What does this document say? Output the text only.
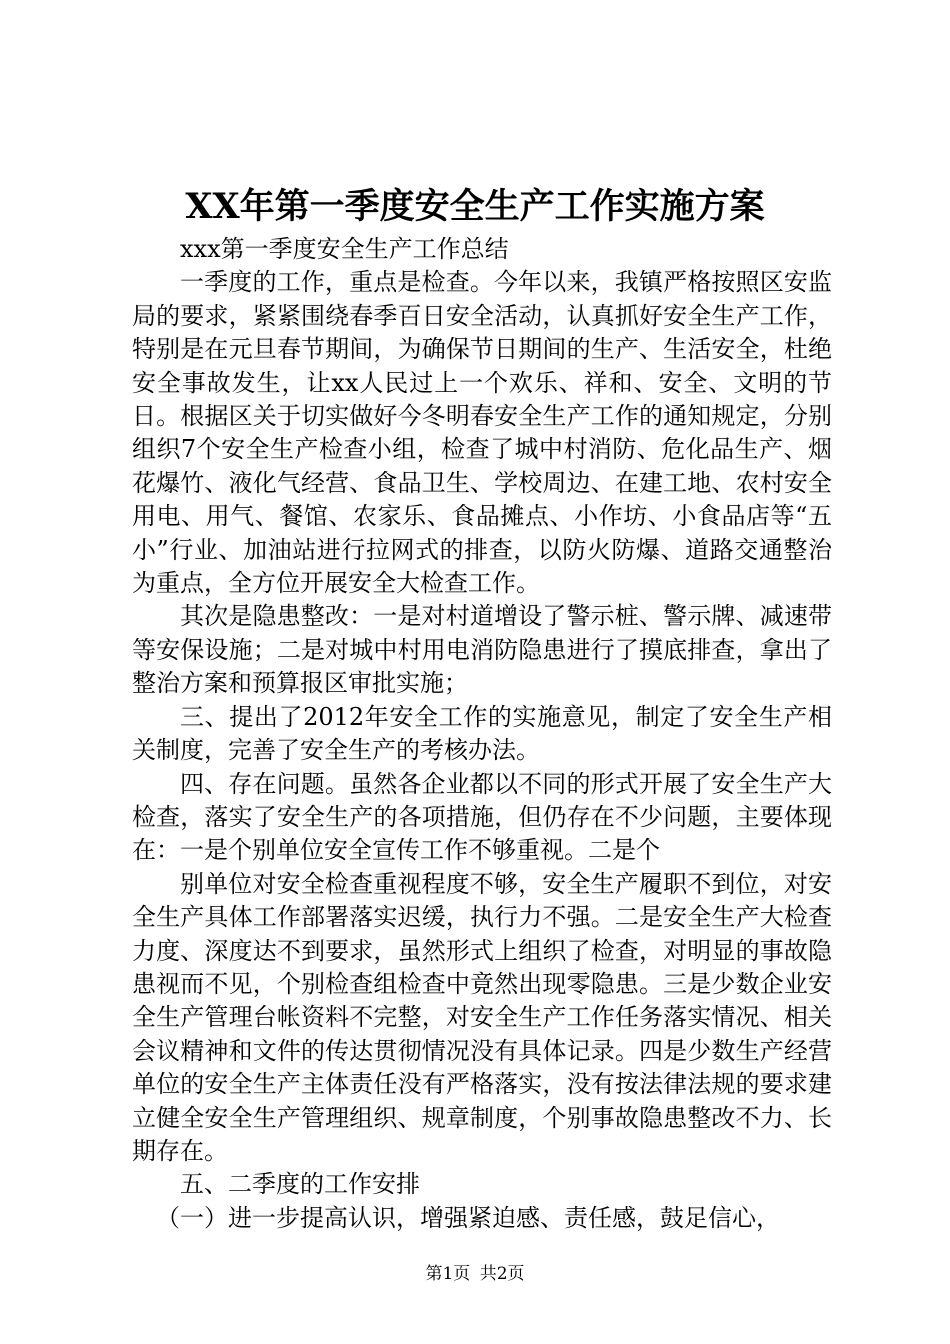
XX年第一季度安全生产工作实施方案

xxx第一季度安全生产工作总结

一季度的工作，重点是检查。今年以来，我镇严格按照区安监局的要求，紧紧围绕春季百日安全活动，认真抓好安全生产工作，特别是在元旦春节期间，为确保节日期间的生产、生活安全，杜绝安全事故发生，让xx人民过上一个欢乐、祥和、安全、文明的节日。根据区关于切实做好今冬明春安全生产工作的通知规定，分别组织7个安全生产检查小组，检查了城中村消防、危化品生产、烟花爆竹、液化气经营、食品卫生、学校周边、在建工地、农村安全用电、用气、餐馆、农家乐、食品摊点、小作坊、小食品店等“五小”行业、加油站进行拉网式的排查，以防火防爆、道路交通整治为重点，全方位开展安全大检查工作。

其次是隐患整改：一是对村道增设了警示桩、警示牌、减速带等安保设施；二是对城中村用电消防隐患进行了摸底排查，拿出了整治方案和预算报区审批实施；

三、提出了2012年安全工作的实施意见，制定了安全生产相关制度，完善了安全生产的考核办法。

四、存在问题。虽然各企业都以不同的形式开展了安全生产大检查，落实了安全生产的各项措施，但仍存在不少问题，主要体现在：一是个别单位安全宣传工作不够重视。二是个

别单位对安全检查重视程度不够，安全生产履职不到位，对安全生产具体工作部署落实迟缓，执行力不强。二是安全生产大检查力度、深度达不到要求，虽然形式上组织了检查，对明显的事故隐患视而不见，个别检查组检查中竟然出现零隐患。三是少数企业安全生产管理台帐资料不完整，对安全生产工作任务落实情况、相关会议精神和文件的传达贯彻情况没有具体记录。四是少数生产经营单位的安全生产主体责任没有严格落实，没有按法律法规的要求建立健全安全生产管理组织、规章制度，个别事故隐患整改不力、长期存在。

五、二季度的工作安排

（一）进一步提高认识，增强紧迫感、责任感，鼓足信心，

第1页 共2页
